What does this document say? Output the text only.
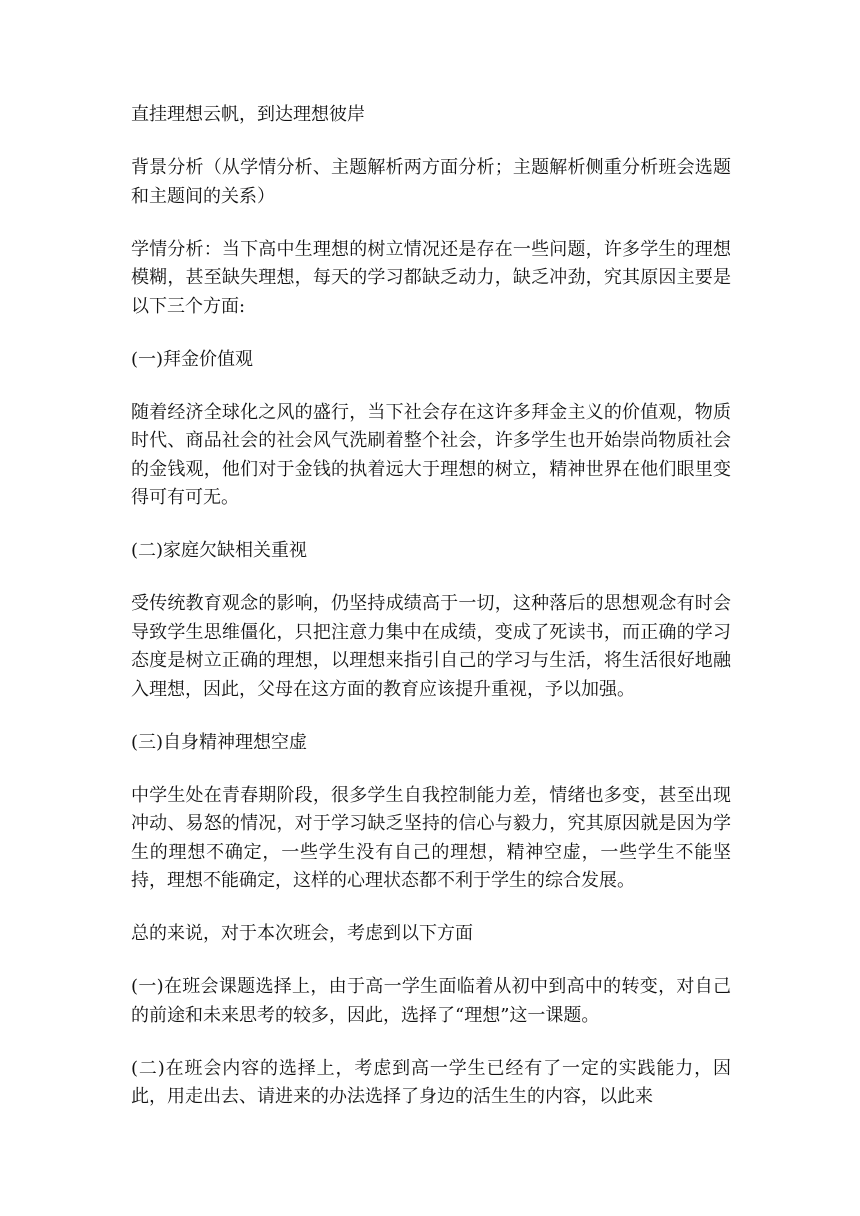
直挂理想云帆，到达理想彼岸

背景分析（从学情分析、主题解析两方面分析；主题解析侧重分析班会选题和主题间的关系）

学情分析：当下高中生理想的树立情况还是存在一些问题，许多学生的理想模糊，甚至缺失理想，每天的学习都缺乏动力，缺乏冲劲，究其原因主要是以下三个方面:

(一)拜金价值观

随着经济全球化之风的盛行，当下社会存在这许多拜金主义的价值观，物质时代、商品社会的社会风气洗刷着整个社会，许多学生也开始崇尚物质社会的金钱观，他们对于金钱的执着远大于理想的树立，精神世界在他们眼里变得可有可无。

(二)家庭欠缺相关重视

受传统教育观念的影响，仍坚持成绩高于一切，这种落后的思想观念有时会导致学生思维僵化，只把注意力集中在成绩，变成了死读书，而正确的学习态度是树立正确的理想，以理想来指引自己的学习与生活，将生活很好地融入理想，因此，父母在这方面的教育应该提升重视，予以加强。

(三)自身精神理想空虚

中学生处在青春期阶段，很多学生自我控制能力差，情绪也多变，甚至出现冲动、易怒的情况，对于学习缺乏坚持的信心与毅力，究其原因就是因为学生的理想不确定，一些学生没有自己的理想，精神空虚，一些学生不能坚持，理想不能确定，这样的心理状态都不利于学生的综合发展。

总的来说，对于本次班会，考虑到以下方面

(一)在班会课题选择上，由于高一学生面临着从初中到高中的转变，对自己的前途和未来思考的较多，因此，选择了“理想”这一课题。

(二)在班会内容的选择上，考虑到高一学生已经有了一定的实践能力，因此，用走出去、请进来的办法选择了身边的活生生的内容，以此来
